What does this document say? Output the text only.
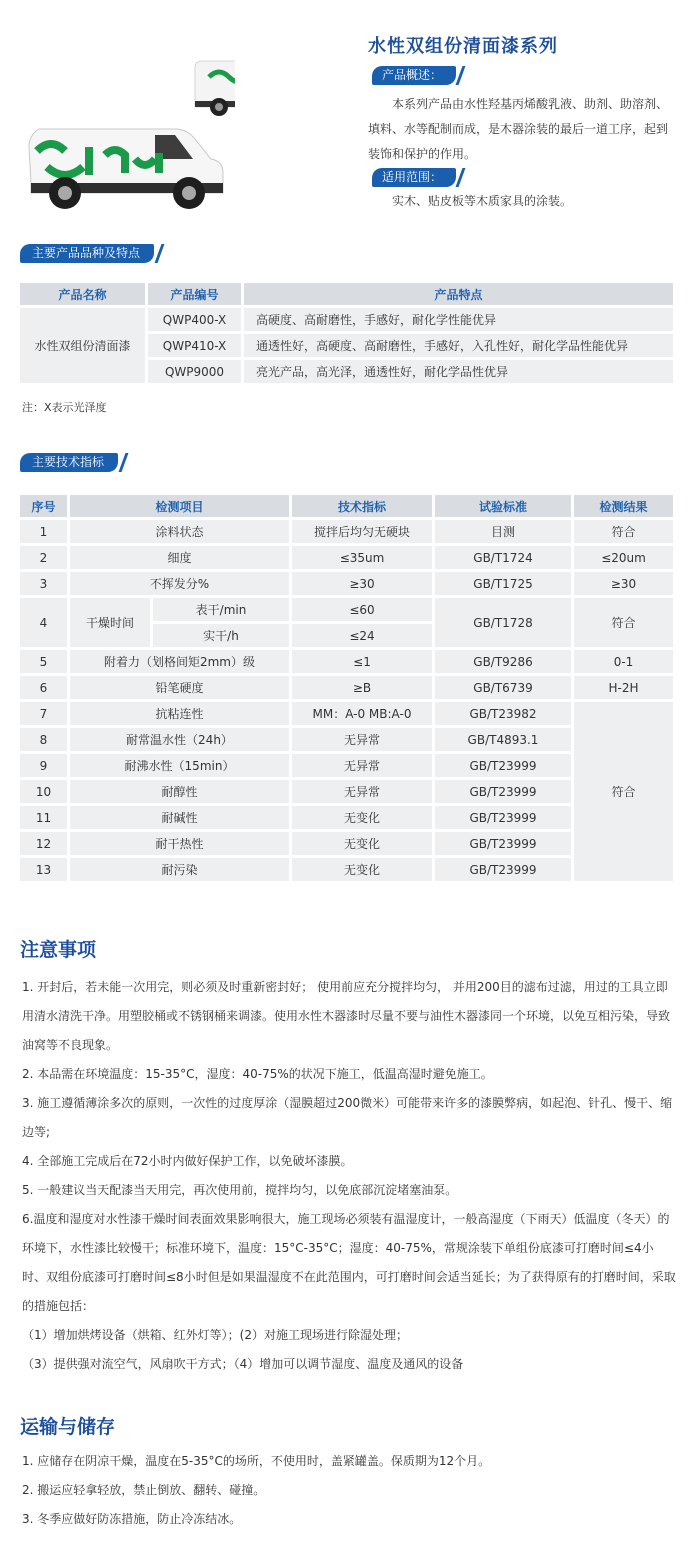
水性双组份清面漆系列
产品概述：
本系列产品由水性羟基丙烯酸乳液、助剂、助溶剂、填料、水等配制而成，是木器涂装的最后一道工序，起到装饰和保护的作用。
适用范围：
实木、贴皮板等木质家具的涂装。
主要产品品种及特点
产品名称	产品编号	产品特点
水性双组份清面漆	QWP400-X	高硬度、高耐磨性，手感好，耐化学性能优异
	QWP410-X	通透性好，高硬度、高耐磨性，手感好，入孔性好，耐化学品性能优异
	QWP9000	亮光产品，高光泽，通透性好，耐化学品性优异
注：X表示光泽度
主要技术指标
序号	检测项目		技术指标	试验标准	检测结果
1	涂料状态		搅拌后均匀无硬块	目测	符合
2	细度		≤35um	GB/T1724	≤20um
3	不挥发分%		≥30	GB/T1725	≥30
4	干燥时间	表干/min	≤60	GB/T1728	符合
		实干/h	≤24		
5	附着力（划格间矩2mm）级		≤1	GB/T9286	0-1
6	铅笔硬度		≥B	GB/T6739	H-2H
7	抗粘连性		MM：A-0 MB:A-0	GB/T23982	符合
8	耐常温水性（24h）		无异常	GB/T4893.1	
9	耐沸水性（15min）		无异常	GB/T23999	
10	耐醇性		无异常	GB/T23999	
11	耐碱性		无变化	GB/T23999	
12	耐干热性		无变化	GB/T23999	
13	耐污染		无变化	GB/T23999	
注意事项
1. 开封后，若未能一次用完，则必须及时重新密封好； 使用前应充分搅拌均匀， 并用200目的滤布过滤，用过的工具立即用清水清洗干净。用塑胶桶或不锈钢桶来调漆。使用水性木器漆时尽量不要与油性木器漆同一个环境，以免互相污染，导致油窝等不良现象。
2. 本品需在环境温度：15-35°C，湿度：40-75%的状况下施工，低温高湿时避免施工。
3. 施工遵循薄涂多次的原则，一次性的过度厚涂（湿膜超过200微米）可能带来许多的漆膜弊病，如起泡、针孔、慢干、缩边等;
4. 全部施工完成后在72小时内做好保护工作，以免破坏漆膜。
5. 一般建议当天配漆当天用完，再次使用前，搅拌均匀，以免底部沉淀堵塞油泵。
6.温度和湿度对水性漆干燥时间表面效果影响很大，施工现场必须装有温湿度计，一般高湿度（下雨天）低温度（冬天）的环境下，水性漆比较慢干；标准环境下，温度：15°C-35°C；湿度：40-75%，常规涂装下单组份底漆可打磨时间≤4小时、双组份底漆可打磨时间≤8小时但是如果温湿度不在此范围内，可打磨时间会适当延长；为了获得原有的打磨时间，采取的措施包括：
（1）增加烘烤设备（烘箱、红外灯等）；(2）对施工现场进行除湿处理；
（3）提供强对流空气，风扇吹干方式；（4）增加可以调节湿度、温度及通风的设备
运输与储存
1. 应储存在阴凉干燥，温度在5-35°C的场所，不使用时，盖紧罐盖。保质期为12个月。
2. 搬运应轻拿轻放，禁止倒放、翻转、碰撞。
3. 冬季应做好防冻措施，防止冷冻结冰。
